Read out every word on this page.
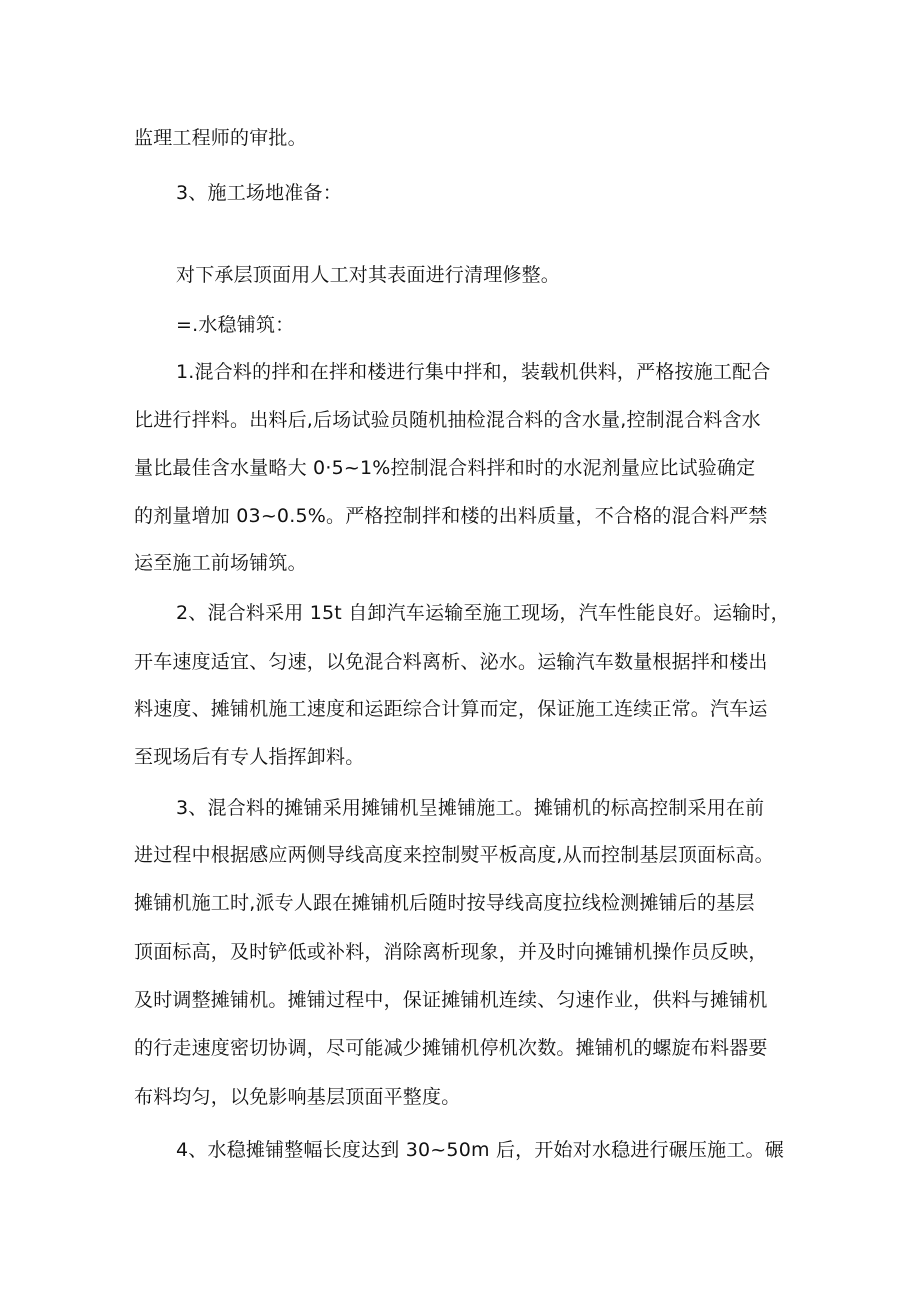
监理工程师的审批。
3、施工场地准备：
对下承层顶面用人工对其表面进行清理修整。
=.水稳铺筑：
1.混合料的拌和在拌和楼进行集中拌和，装载机供料，严格按施工配合
比进行拌料。出料后,后场试验员随机抽检混合料的含水量,控制混合料含水
量比最佳含水量略大 0·5~1%控制混合料拌和时的水泥剂量应比试验确定
的剂量增加 03~0.5%。严格控制拌和楼的出料质量，不合格的混合料严禁
运至施工前场铺筑。
2、混合料采用 15t 自卸汽车运输至施工现场，汽车性能良好。运输时，
开车速度适宜、匀速，以免混合料离析、泌水。运输汽车数量根据拌和楼出
料速度、摊铺机施工速度和运距综合计算而定，保证施工连续正常。汽车运
至现场后有专人指挥卸料。
3、混合料的摊铺采用摊铺机呈摊铺施工。摊铺机的标高控制采用在前
进过程中根据感应两侧导线高度来控制熨平板高度,从而控制基层顶面标高。
摊铺机施工时,派专人跟在摊铺机后随时按导线高度拉线检测摊铺后的基层
顶面标高，及时铲低或补料，消除离析现象，并及时向摊铺机操作员反映，
及时调整摊铺机。摊铺过程中，保证摊铺机连续、匀速作业，供料与摊铺机
的行走速度密切协调，尽可能减少摊铺机停机次数。摊铺机的螺旋布料器要
布料均匀，以免影响基层顶面平整度。
4、水稳摊铺整幅长度达到 30~50m 后，开始对水稳进行碾压施工。碾
